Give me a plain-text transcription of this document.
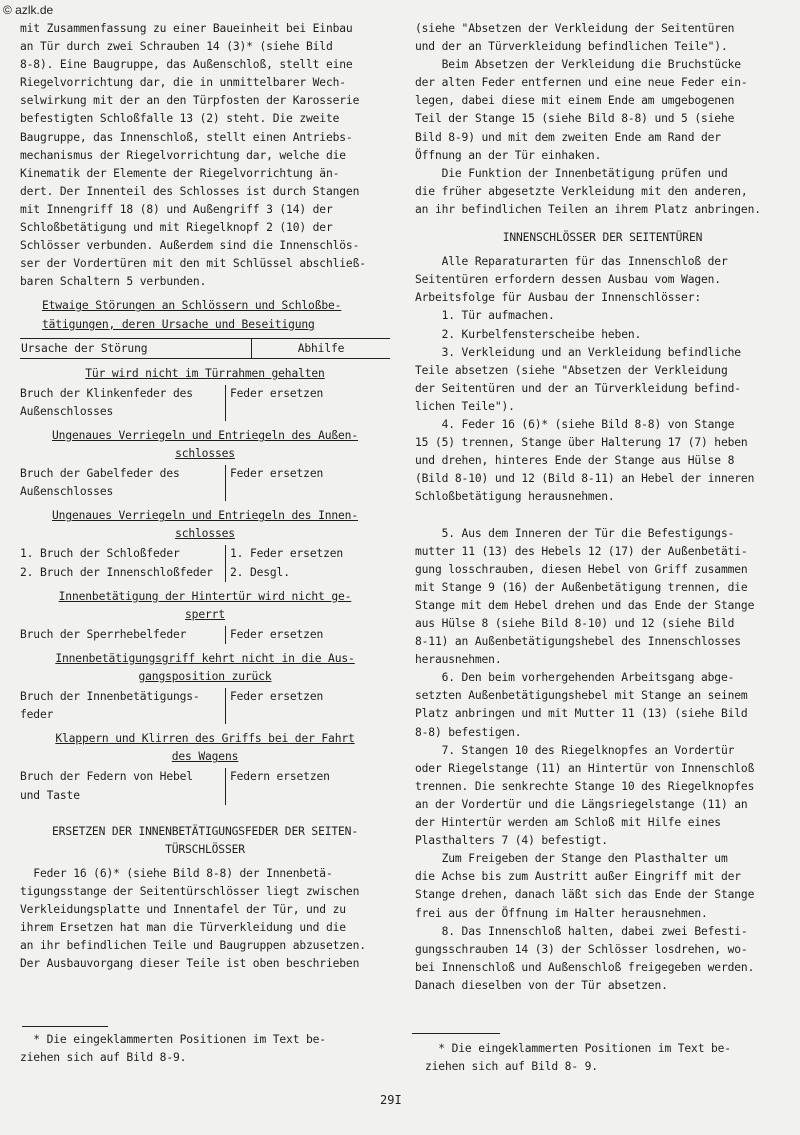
© azlk.de
mit Zusammenfassung zu einer Baueinheit bei Einbau
an Tür durch zwei Schrauben 14 (3)* (siehe Bild
8-8). Eine Baugruppe, das Außenschloß, stellt eine
Riegelvorrichtung dar, die in unmittelbarer Wech-
selwirkung mit der an den Türpfosten der Karosserie
befestigten Schloßfalle 13 (2) steht. Die zweite
Baugruppe, das Innenschloß, stellt einen Antriebs-
mechanismus der Riegelvorrichtung dar, welche die
Kinematik der Elemente der Riegelvorrichtung än-
dert. Der Innenteil des Schlosses ist durch Stangen
mit Innengriff 18 (8) und Außengriff 3 (14) der
Schloßbetätigung und mit Riegelknopf 2 (10) der
Schlösser verbunden. Außerdem sind die Innenschlös-
ser der Vordertüren mit den mit Schlüssel abschließ-
baren Schaltern 5 verbunden.
Etwaige Störungen an Schlössern und Schloßbe-
tätigungen, deren Ursache und Beseitigung
Ursache der Störung	Abhilfe
Tür wird nicht im Türrahmen gehalten
Bruch der Klinkenfeder des
Außenschlosses
Feder ersetzen
Ungenaues Verriegeln und Entriegeln des Außen-
schlosses
Bruch der Gabelfeder des
Außenschlosses
Feder ersetzen
Ungenaues Verriegeln und Entriegeln des Innen-
schlosses
1. Bruch der Schloßfeder
2. Bruch der Innenschloßfeder
1. Feder ersetzen
2. Desgl.
Innenbetätigung der Hintertür wird nicht ge-
sperrt
Bruch der Sperrhebelfeder	Feder ersetzen
Innenbetätigungsgriff kehrt nicht in die Aus-
gangsposition zurück
Bruch der Innenbetätigungs-
feder
Feder ersetzen
Klappern und Klirren des Griffs bei der Fahrt
des Wagens
Bruch der Federn von Hebel
und Taste
Federn ersetzen
ERSETZEN DER INNENBETÄTIGUNGSFEDER DER SEITEN-
TÜRSCHLÖSSER
Feder 16 (6)* (siehe Bild 8-8) der Innenbetä-
tigungsstange der Seitentürschlösser liegt zwischen
Verkleidungsplatte und Innentafel der Tür, und zu
ihrem Ersetzen hat man die Türverkleidung und die
an ihr befindlichen Teile und Baugruppen abzusetzen.
Der Ausbauvorgang dieser Teile ist oben beschrieben
* Die eingeklammerten Positionen im Text be-
ziehen sich auf Bild 8-9.
(siehe "Absetzen der Verkleidung der Seitentüren
und der an Türverkleidung befindlichen Teile").
Beim Absetzen der Verkleidung die Bruchstücke
der alten Feder entfernen und eine neue Feder ein-
legen, dabei diese mit einem Ende am umgebogenen
Teil der Stange 15 (siehe Bild 8-8) und 5 (siehe
Bild 8-9) und mit dem zweiten Ende am Rand der
Öffnung an der Tür einhaken.
Die Funktion der Innenbetätigung prüfen und
die früher abgesetzte Verkleidung mit den anderen,
an ihr befindlichen Teilen an ihrem Platz anbringen.
INNENSCHLÖSSER DER SEITENTÜREN
Alle Reparaturarten für das Innenschloß der
Seitentüren erfordern dessen Ausbau vom Wagen.
Arbeitsfolge für Ausbau der Innenschlösser:
1. Tür aufmachen.
2. Kurbelfensterscheibe heben.
3. Verkleidung und an Verkleidung befindliche
Teile absetzen (siehe "Absetzen der Verkleidung
der Seitentüren und der an Türverkleidung befind-
lichen Teile").
4. Feder 16 (6)* (siehe Bild 8-8) von Stange
15 (5) trennen, Stange über Halterung 17 (7) heben
und drehen, hinteres Ende der Stange aus Hülse 8
(Bild 8-10) und 12 (Bild 8-11) an Hebel der inneren
Schloßbetätigung herausnehmen.
5. Aus dem Inneren der Tür die Befestigungs-
mutter 11 (13) des Hebels 12 (17) der Außenbetäti-
gung losschrauben, diesen Hebel von Griff zusammen
mit Stange 9 (16) der Außenbetätigung trennen, die
Stange mit dem Hebel drehen und das Ende der Stange
aus Hülse 8 (siehe Bild 8-10) und 12 (siehe Bild
8-11) an Außenbetätigungshebel des Innenschlosses
herausnehmen.
6. Den beim vorhergehenden Arbeitsgang abge-
setzten Außenbetätigungshebel mit Stange an seinem
Platz anbringen und mit Mutter 11 (13) (siehe Bild
8-8) befestigen.
7. Stangen 10 des Riegelknopfes an Vordertür
oder Riegelstange (11) an Hintertür von Innenschloß
trennen. Die senkrechte Stange 10 des Riegelknopfes
an der Vordertür und die Längsriegelstange (11) an
der Hintertür werden am Schloß mit Hilfe eines
Plasthalters 7 (4) befestigt.
Zum Freigeben der Stange den Plasthalter um
die Achse bis zum Austritt außer Eingriff mit der
Stange drehen, danach läßt sich das Ende der Stange
frei aus der Öffnung im Halter herausnehmen.
8. Das Innenschloß halten, dabei zwei Befesti-
gungsschrauben 14 (3) der Schlösser losdrehen, wo-
bei Innenschloß und Außenschloß freigegeben werden.
Danach dieselben von der Tür absetzen.
* Die eingeklammerten Positionen im Text be-
ziehen sich auf Bild 8- 9.
29I
